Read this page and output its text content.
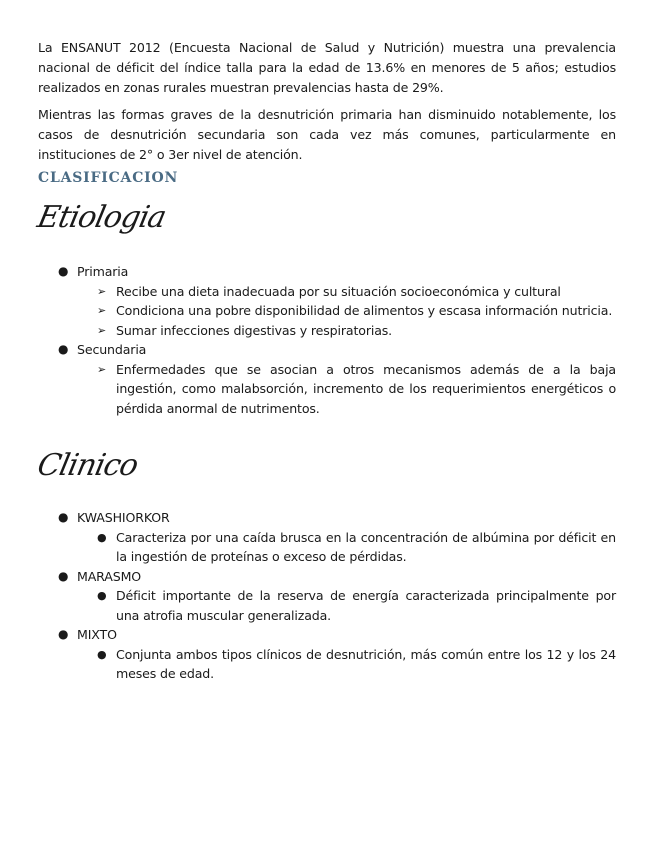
La ENSANUT 2012 (Encuesta Nacional de Salud y Nutrición) muestra una prevalencia nacional de déficit del índice talla para la edad de 13.6% en menores de 5 años; estudios realizados en zonas rurales muestran prevalencias hasta de 29%.

Mientras las formas graves de la desnutrición primaria han disminuido notablemente, los casos de desnutrición secundaria son cada vez más comunes, particularmente en instituciones de 2° o 3er nivel de atención.

CLASIFICACION
Etiologia
● Primaria
➢ Recibe una dieta inadecuada por su situación socioeconómica y cultural
➢ Condiciona una pobre disponibilidad de alimentos y escasa información nutricia.
➢ Sumar infecciones digestivas y respiratorias.
● Secundaria
➢ Enfermedades que se asocian a otros mecanismos además de a la baja ingestión, como malabsorción, incremento de los requerimientos energéticos o pérdida anormal de nutrimentos.
Clinico
● KWASHIORKOR
● Caracteriza por una caída brusca en la concentración de albúmina por déficit en la ingestión de proteínas o exceso de pérdidas.
● MARASMO
● Déficit importante de la reserva de energía caracterizada principalmente por una atrofia muscular generalizada.
● MIXTO
● Conjunta ambos tipos clínicos de desnutrición, más común entre los 12 y los 24 meses de edad.
